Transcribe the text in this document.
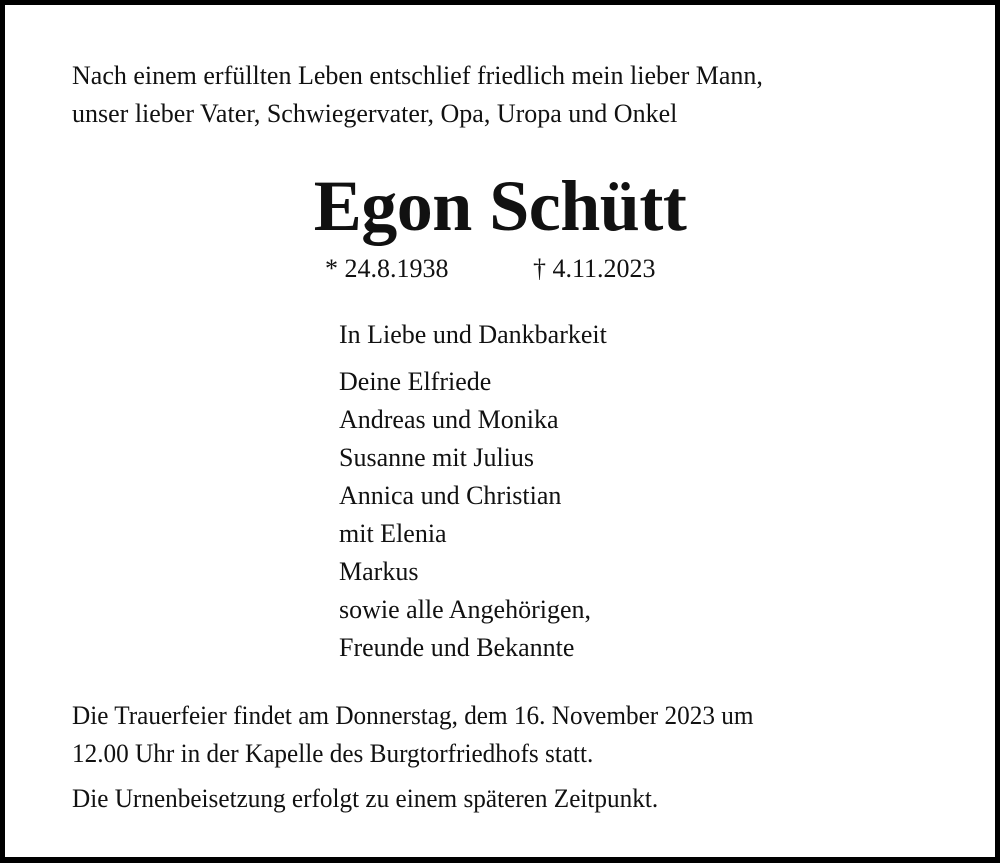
Nach einem erfüllten Leben entschlief friedlich mein lieber Mann,
unser lieber Vater, Schwiegervater, Opa, Uropa und Onkel
Egon Schütt
* 24.8.1938	† 4.11.2023
In Liebe und Dankbarkeit
Deine Elfriede
Andreas und Monika
Susanne mit Julius
Annica und Christian
mit Elenia
Markus
sowie alle Angehörigen,
Freunde und Bekannte
Die Trauerfeier findet am Donnerstag, dem 16. November 2023 um
12.00 Uhr in der Kapelle des Burgtorfriedhofs statt.
Die Urnenbeisetzung erfolgt zu einem späteren Zeitpunkt.
